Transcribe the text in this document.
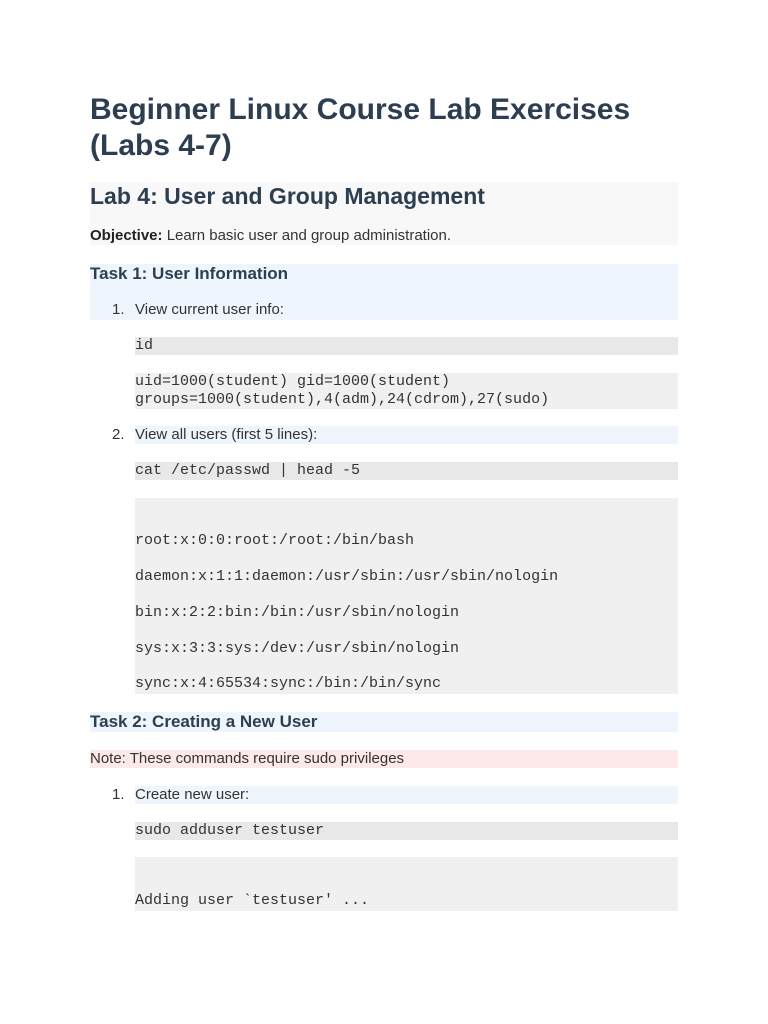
Beginner Linux Course Lab Exercises (Labs 4-7)
Lab 4: User and Group Management

Objective: Learn basic user and group administration.

Task 1: User Information
1. View current user info:
id
uid=1000(student) gid=1000(student)
groups=1000(student),4(adm),24(cdrom),27(sudo)
2. View all users (first 5 lines):
cat /etc/passwd | head -5
root:x:0:0:root:/root:/bin/bash
daemon:x:1:1:daemon:/usr/sbin:/usr/sbin/nologin
bin:x:2:2:bin:/bin:/usr/sbin/nologin
sys:x:3:3:sys:/dev:/usr/sbin/nologin
sync:x:4:65534:sync:/bin:/bin/sync
Task 2: Creating a New User
Note: These commands require sudo privileges
1. Create new user:
sudo adduser testuser
Adding user `testuser' ...
